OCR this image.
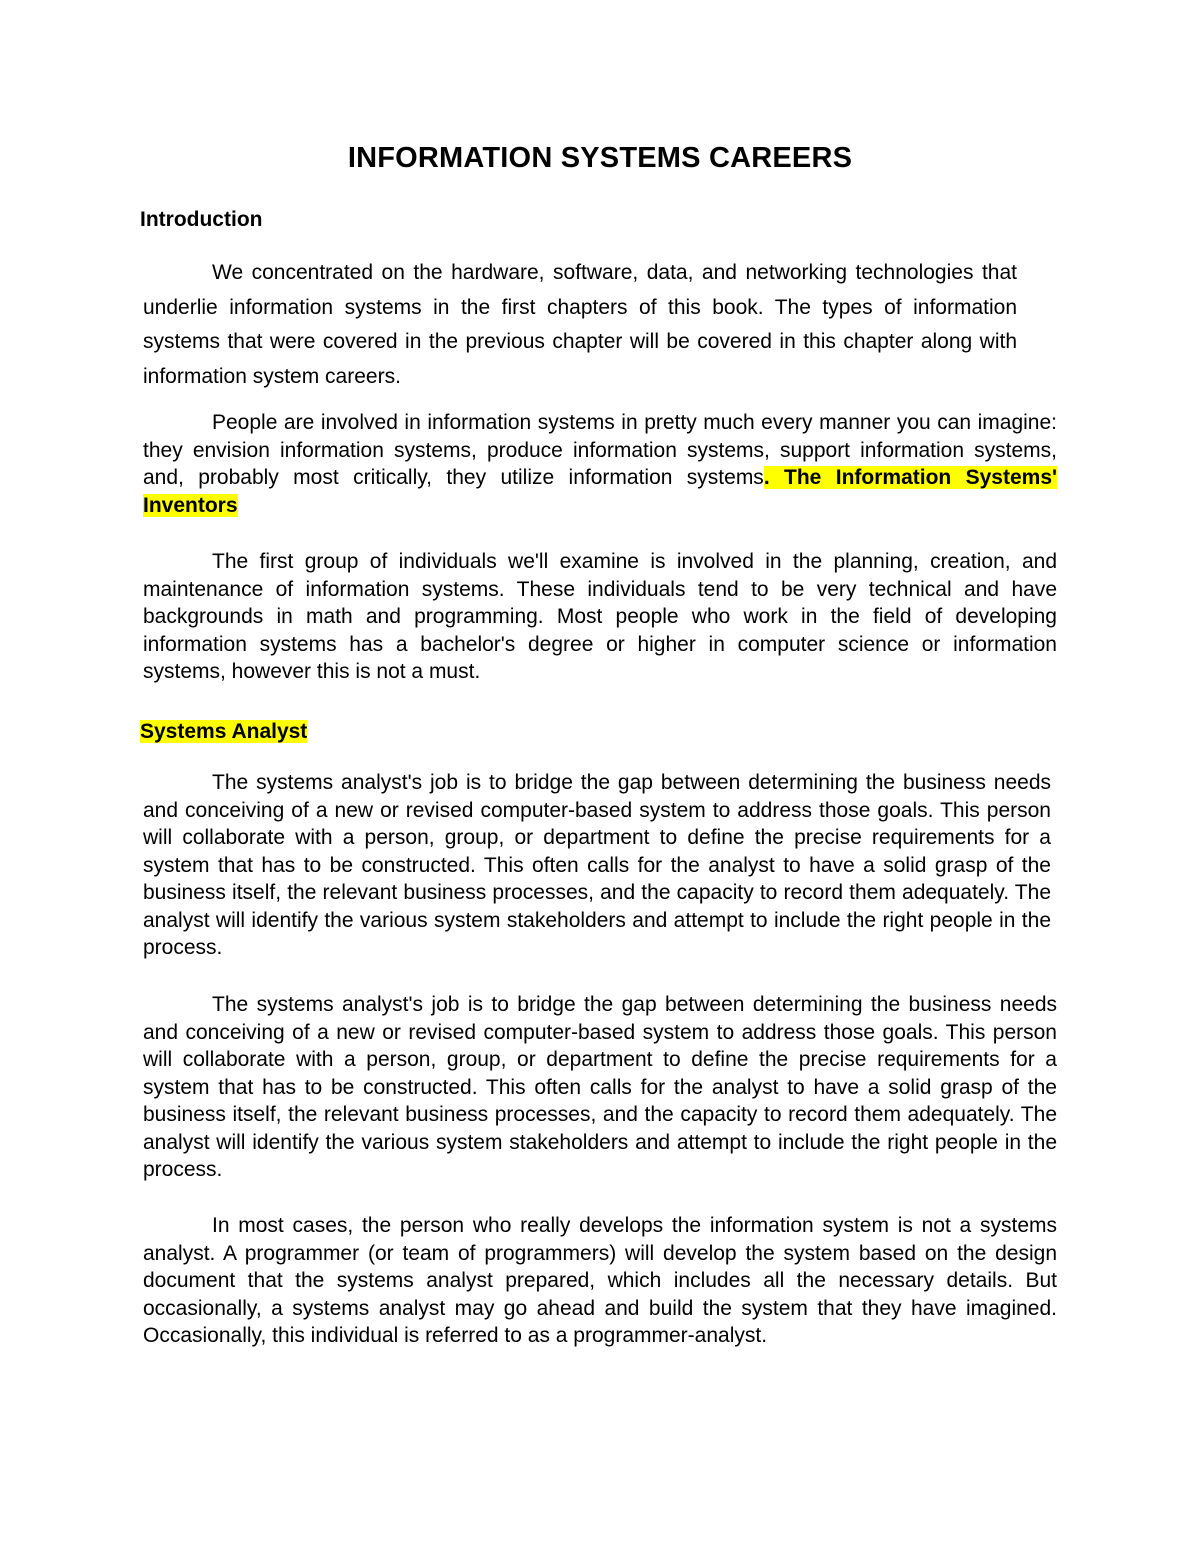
INFORMATION SYSTEMS CAREERS
Introduction

We concentrated on the hardware, software, data, and networking technologies that underlie information systems in the first chapters of this book. The types of information systems that were covered in the previous chapter will be covered in this chapter along with information system careers.

People are involved in information systems in pretty much every manner you can imagine: they envision information systems, produce information systems, support information systems, and, probably most critically, they utilize information systems. The Information Systems' Inventors

The first group of individuals we'll examine is involved in the planning, creation, and maintenance of information systems. These individuals tend to be very technical and have backgrounds in math and programming. Most people who work in the field of developing information systems has a bachelor's degree or higher in computer science or information systems, however this is not a must.

Systems Analyst

The systems analyst's job is to bridge the gap between determining the business needs and conceiving of a new or revised computer-based system to address those goals. This person will collaborate with a person, group, or department to define the precise requirements for a system that has to be constructed. This often calls for the analyst to have a solid grasp of the business itself, the relevant business processes, and the capacity to record them adequately. The analyst will identify the various system stakeholders and attempt to include the right people in the process.

The systems analyst's job is to bridge the gap between determining the business needs and conceiving of a new or revised computer-based system to address those goals. This person will collaborate with a person, group, or department to define the precise requirements for a system that has to be constructed. This often calls for the analyst to have a solid grasp of the business itself, the relevant business processes, and the capacity to record them adequately. The analyst will identify the various system stakeholders and attempt to include the right people in the process.

In most cases, the person who really develops the information system is not a systems analyst. A programmer (or team of programmers) will develop the system based on the design document that the systems analyst prepared, which includes all the necessary details. But occasionally, a systems analyst may go ahead and build the system that they have imagined. Occasionally, this individual is referred to as a programmer-analyst.
